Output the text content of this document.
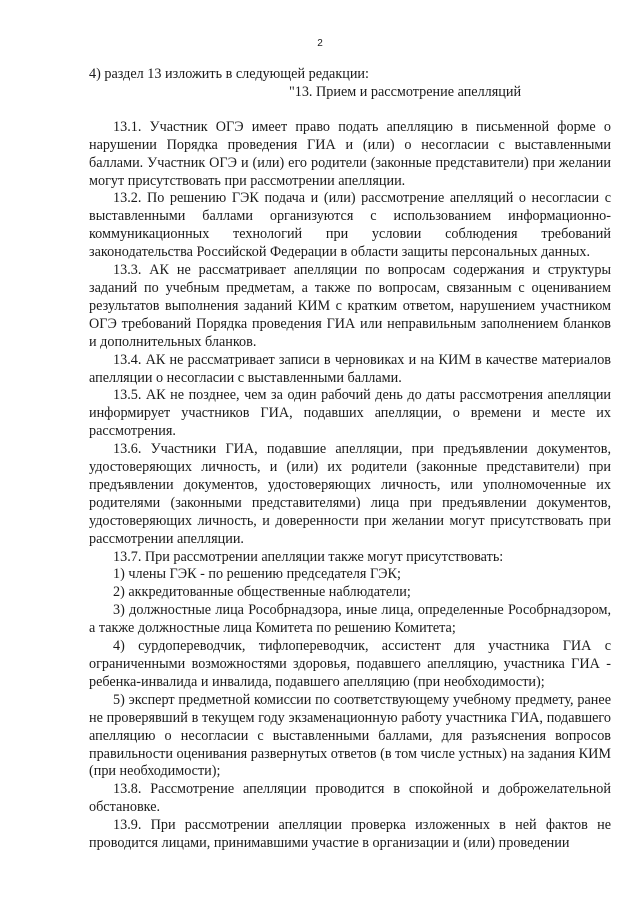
2

4) раздел 13 изложить в следующей редакции:

"13. Прием и рассмотрение апелляций

13.1. Участник ОГЭ имеет право подать апелляцию в письменной форме о нарушении Порядка проведения ГИА и (или) о несогласии с выставленными баллами. Участник ОГЭ и (или) его родители (законные представители) при желании могут присутствовать при рассмотрении апелляции.

13.2. По решению ГЭК подача и (или) рассмотрение апелляций о несогласии с выставленными баллами организуются с использованием информационно-коммуникационных технологий при условии соблюдения требований законодательства Российской Федерации в области защиты персональных данных.

13.3. АК не рассматривает апелляции по вопросам содержания и структуры заданий по учебным предметам, а также по вопросам, связанным с оцениванием результатов выполнения заданий КИМ с кратким ответом, нарушением участником ОГЭ требований Порядка проведения ГИА или неправильным заполнением бланков и дополнительных бланков.

13.4. АК не рассматривает записи в черновиках и на КИМ в качестве материалов апелляции о несогласии с выставленными баллами.

13.5. АК не позднее, чем за один рабочий день до даты рассмотрения апелляции информирует участников ГИА, подавших апелляции, о времени и месте их рассмотрения.

13.6. Участники ГИА, подавшие апелляции, при предъявлении документов, удостоверяющих личность, и (или) их родители (законные представители) при предъявлении документов, удостоверяющих личность, или уполномоченные их родителями (законными представителями) лица при предъявлении документов, удостоверяющих личность, и доверенности при желании могут присутствовать при рассмотрении апелляции.

13.7. При рассмотрении апелляции также могут присутствовать:

1) члены ГЭК - по решению председателя ГЭК;

2) аккредитованные общественные наблюдатели;

3) должностные лица Рособрнадзора, иные лица, определенные Рособрнадзором, а также должностные лица Комитета по решению Комитета;

4) сурдопереводчик, тифлопереводчик, ассистент для участника ГИА с ограниченными возможностями здоровья, подавшего апелляцию, участника ГИА - ребенка-инвалида и инвалида, подавшего апелляцию (при необходимости);

5) эксперт предметной комиссии по соответствующему учебному предмету, ранее не проверявший в текущем году экзаменационную работу участника ГИА, подавшего апелляцию о несогласии с выставленными баллами, для разъяснения вопросов правильности оценивания развернутых ответов (в том числе устных) на задания КИМ (при необходимости);

13.8. Рассмотрение апелляции проводится в спокойной и доброжелательной обстановке.

13.9. При рассмотрении апелляции проверка изложенных в ней фактов не проводится лицами, принимавшими участие в организации и (или) проведении
